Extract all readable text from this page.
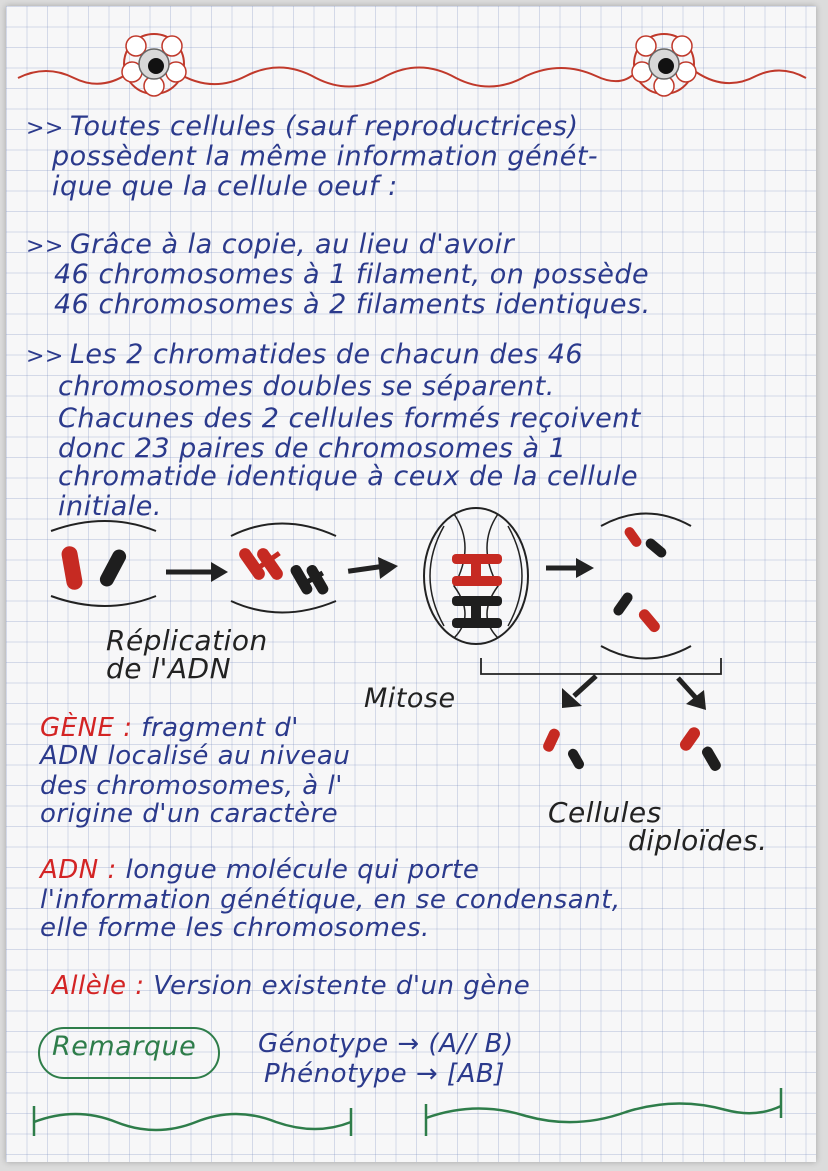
>> Toutes cellules (sauf reproductrices)
possèdent la même information génét-
ique que la cellule oeuf :
>> Grâce à la copie, au lieu d'avoir
46 chromosomes à 1 filament, on possède
46 chromosomes à 2 filaments identiques.
>> Les 2 chromatides de chacun des 46
chromosomes doubles se séparent.
Chacunes des 2 cellules formés reçoivent
donc 23 paires de chromosomes à 1
chromatide identique à ceux de la cellule
initiale.
Réplication
de l'ADN
Mitose
Cellules
diploïdes.
GÈNE : fragment d'
ADN localisé au niveau
des chromosomes, à l'
origine d'un caractère
ADN : longue molécule qui porte
l'information génétique, en se condensant,
elle forme les chromosomes.
Allèle : Version existente d'un gène
Remarque Génotype → (A// B)
Phénotype → [AB]
